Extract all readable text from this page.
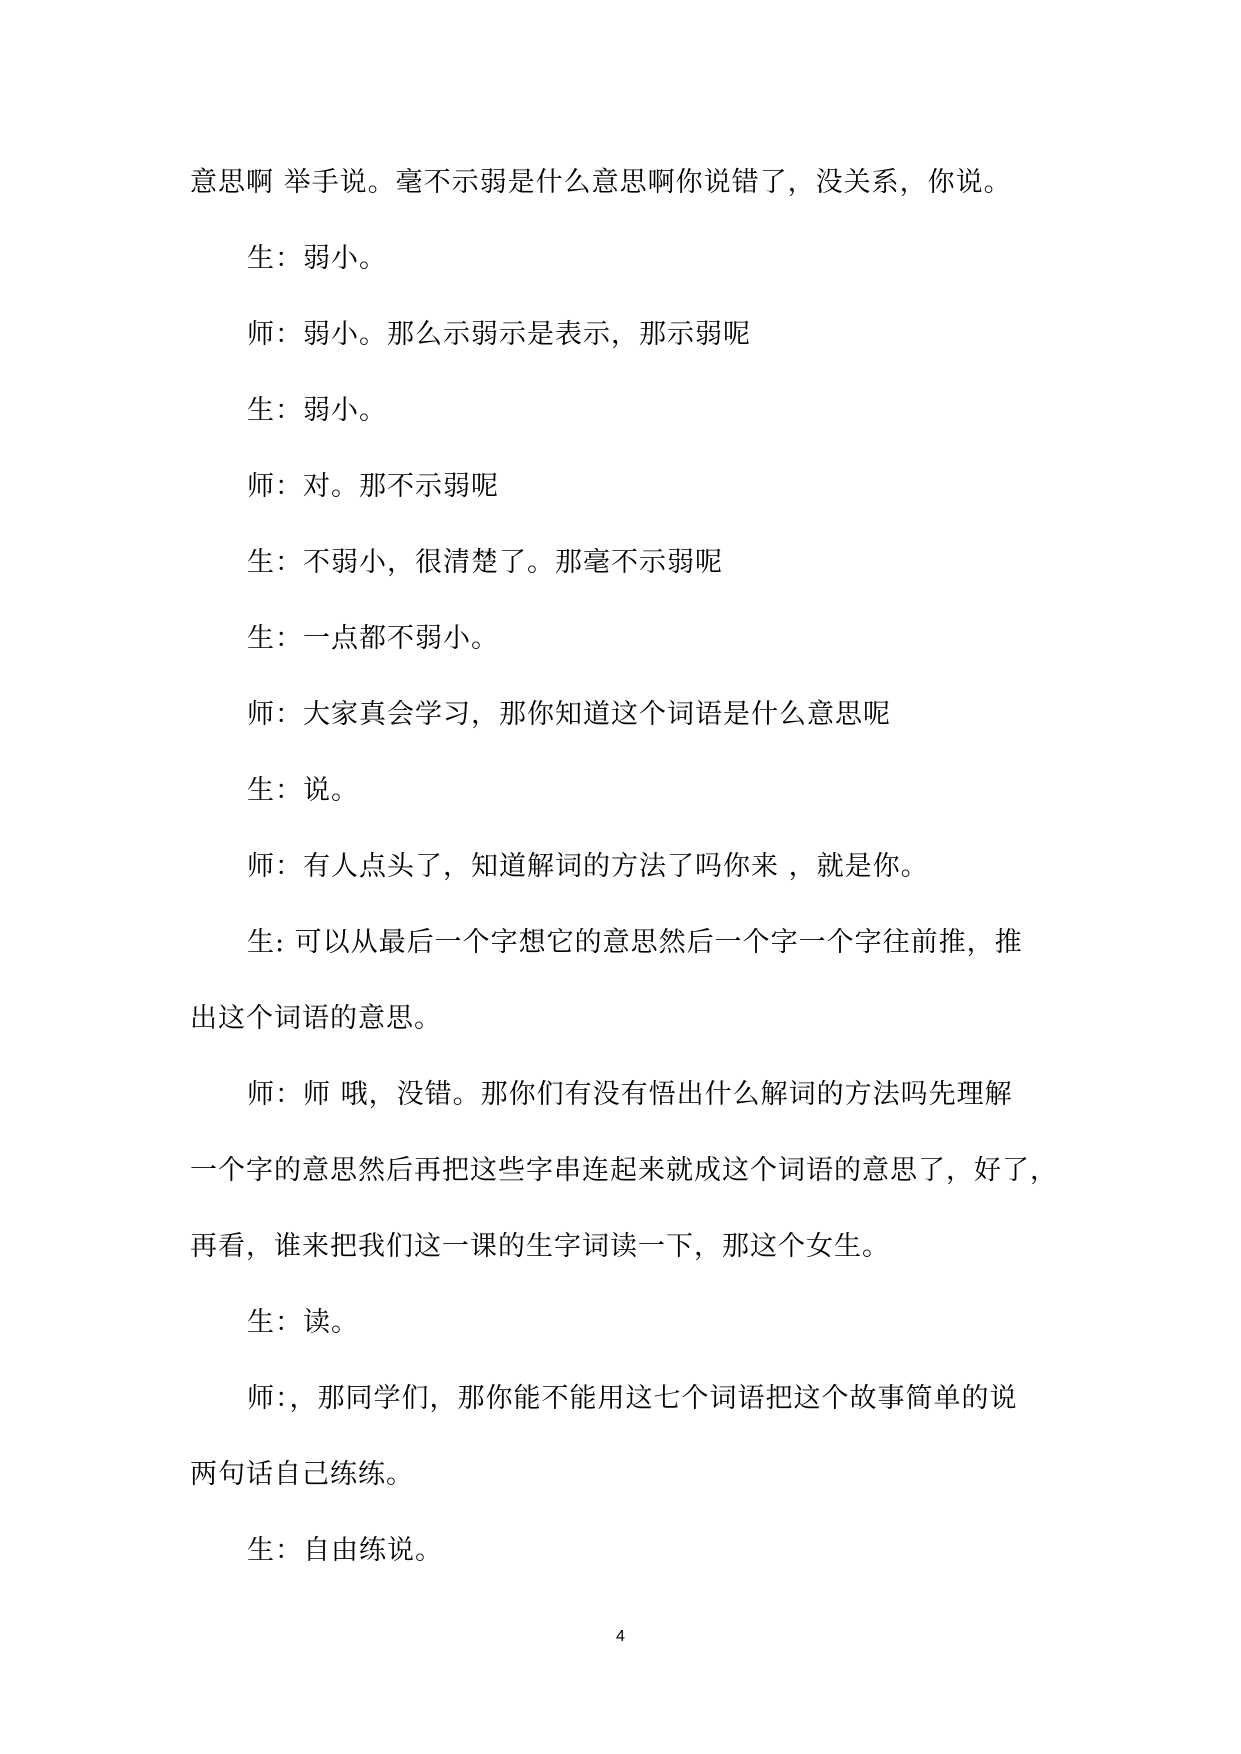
意思啊 举手说。毫不示弱是什么意思啊你说错了，没关系，你说。
生：弱小。
师：弱小。那么示弱示是表示，那示弱呢
生：弱小。
师：对。那不示弱呢
生：不弱小，很清楚了。那毫不示弱呢
生：一点都不弱小。
师：大家真会学习，那你知道这个词语是什么意思呢
生：说。
师：有人点头了，知道解词的方法了吗你来 ，就是你。
生: 可以从最后一个字想它的意思然后一个字一个字往前推，推
出这个词语的意思。
师：师 哦，没错。那你们有没有悟出什么解词的方法吗先理解
一个字的意思然后再把这些字串连起来就成这个词语的意思了，好了，
再看，谁来把我们这一课的生字词读一下，那这个女生。
生：读。
师：，那同学们，那你能不能用这七个词语把这个故事简单的说
两句话自己练练。
生：自由练说。
4
